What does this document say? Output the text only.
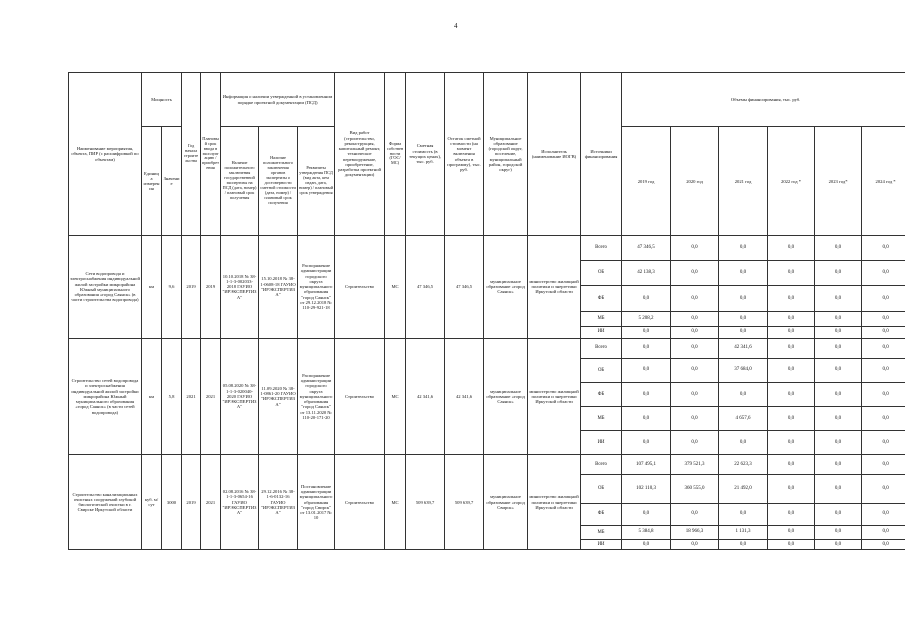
4
Наименование мероприятия, объекта, ПИР (с расшифровкой по объектам)	Мощность		Год начала строительства	Плановый срок ввода в эксплуатацию / приобретения	Информация о наличии утвержденной в установленном порядке проектной документации (ПСД)			Вид работ (строительство, реконструкция, капитальный ремонт, техническое перевооружение, приобретение, разработка проектной документации)	Форма собственности (ГОС/МС)	Сметная стоимость (в текущих ценах), тыс. руб.	Остаток сметной стоимости (на момент включения объекта в программу), тыс. руб.	Муниципальное образование (городской округ, поселение, муниципальный район, городской округ)	Исполнитель (наименование ИОГВ)	Источники финансирования	Объемы финансирования, тыс. руб.					
	Единица измерения	Значение			Наличие положительного заключения государственной экспертизы на ПСД (дата, номер) / плановый срок получения	Наличие положительного заключения органов экспертизы о достоверности сметной стоимости (дата, номер) / плановый срок получения	Реквизиты утверждения ПСД (вид акта, кем издан, дата, номер) / плановый срок утверждения								2019 год	2020 год	2021 год	2022 год *	2023 год*	2024 год *

Сети водопровода и электроснабжения индивидуальной жилой застройки микрорайона Южный муниципального образования «город Саянск» (в части строительства водопровода)	км	9,6	2019	2019	10.10.2018 № 38-1-1-3-002033-2018 ГАУИО "ИРЭКСПЕРТИЗА"	15.10.2018 № 38-1-0608-18 ГАУИО "ИРЭКСПЕРТИЗА"	Распоряжение администрации городского округа муниципального образования "город Саянск" от 29.12.2018 № 110-29-921-18	Строительство	МС	47 346,5	47 346,5	муниципальное образование «город Саянск»	министерство жилищной политики и энергетики Иркутской области	Всего	47 346,5	0,0	0,0	0,0	0,0	0,0
														ОБ	42 138,3	0,0	0,0	0,0	0,0	0,0
														ФБ	0,0	0,0	0,0	0,0	0,0	0,0
														МБ	5 208,2	0,0	0,0	0,0	0,0	0,0
														ИИ	0,0	0,0	0,0	0,0	0,0	0,0
Строительство сетей водопровода и электроснабжения индивидуальной жилой застройки микрорайона Южный муниципального образования «город Саянск» (в части сетей водопровода)	км	5,8	2021	2021	05.08.2020 № 38-1-1-3-020040-2020 ГАУИО "ИРЭКСПЕРТИЗА"	11.09.2020 № 38-1-0861-20 ГАУИО "ИРЭКСПЕРТИЗА"	Распоряжение администрации городского округа муниципального образования "город Саянск" от 13.11.2020 № 110-20-171-20	Строительство	МС	42 341,6	42 341,6	муниципальное образование «город Саянск»	министерство жилищной политики и энергетики Иркутской области	Всего	0,0	0,0	42 341,6	0,0	0,0	0,0
														ОБ	0,0	0,0	37 684,0	0,0	0,0	0,0
														ФБ	0,0	0,0	0,0	0,0	0,0	0,0
														МБ	0,0	0,0	4 657,6	0,0	0,0	0,0
														ИИ	0,0	0,0	0,0	0,0	0,0	0,0
Строительство канализационных очистных сооружений глубокой биологической очистки в г. Свирске Иркутской области	куб. м/сут	3000	2019	2021	02.08.2016 № 38-1-1-3-0654-16 ГАУИО "ИРЭКСПЕРТИЗА"	29.12.2016 № 38-1-6-0132-16 ГАУИО "ИРЭКСПЕРТИЗА"	Постановление администрации муниципального образования "город Свирск" от 13.01.2017 № 10	Строительство	МС	509 639,7	509 639,7	муниципальное образование «город Свирск»	министерство жилищной политики и энергетики Иркутской области	Всего	107 495,1	379 521,3	22 623,3	0,0	0,0	0,0
														ОБ	102 110,3	360 555,0	21 492,0	0,0	0,0	0,0
														ФБ	0,0	0,0	0,0	0,0	0,0	0,0
														МБ	5 384,8	18 966,3	1 131,3	0,0	0,0	0,0
														ИИ	0,0	0,0	0,0	0,0	0,0	0,0
